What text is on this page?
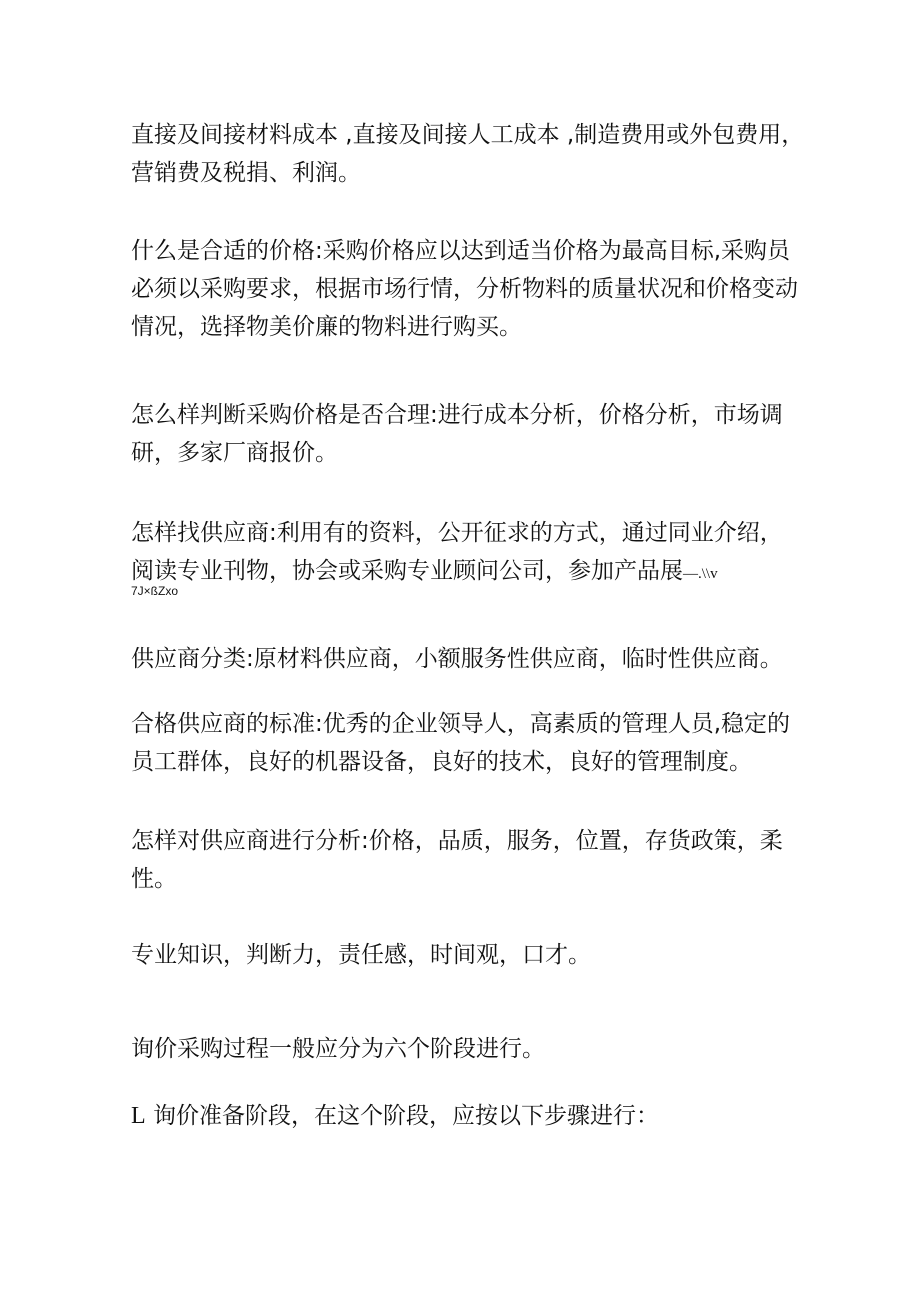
直接及间接材料成本 ,直接及间接人工成本 ,制造费用或外包费用，
营销费及税捐、利润。

什么是合适的价格:采购价格应以达到适当价格为最高目标,采购员
必须以采购要求，根据市场行情，分析物料的质量状况和价格变动
情况，选择物美价廉的物料进行购买。

怎么样判断采购价格是否合理:进行成本分析，价格分析，市场调
研，多家厂商报价。

怎样找供应商:利用有的资料，公开征求的方式，通过同业介绍，
阅读专业刊物，协会或采购专业顾问公司，参加产品展—.\\v
7J×ßZxo

供应商分类:原材料供应商，小额服务性供应商，临时性供应商。

合格供应商的标准:优秀的企业领导人，高素质的管理人员,稳定的
员工群体，良好的机器设备，良好的技术，良好的管理制度。

怎样对供应商进行分析:价格，品质，服务，位置，存货政策，柔
性。

专业知识，判断力，责任感，时间观，口才。

询价采购过程一般应分为六个阶段进行。

L 询价准备阶段，在这个阶段，应按以下步骤进行：
